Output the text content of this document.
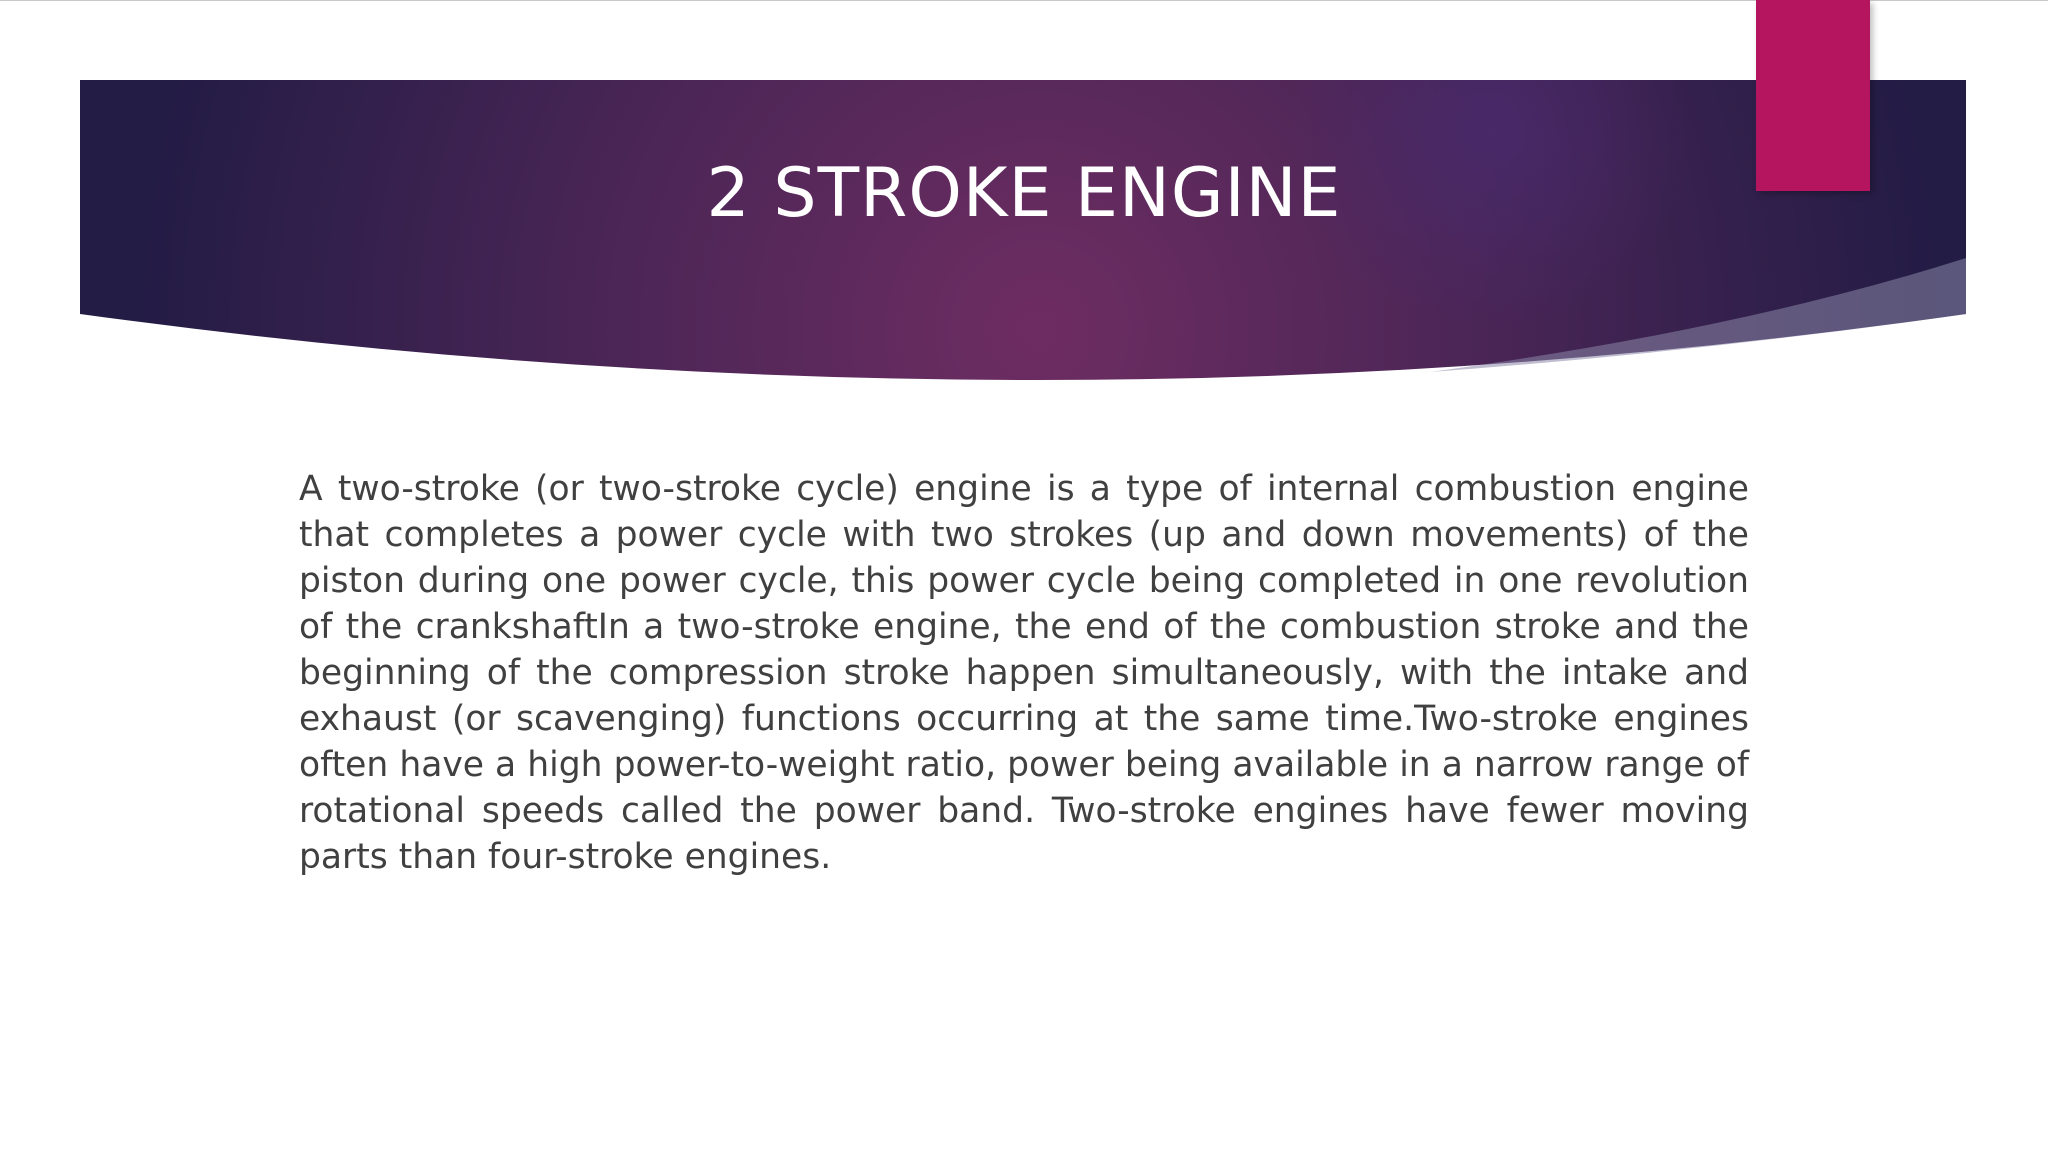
2 STROKE ENGINE

A two-stroke (or two-stroke cycle) engine is a type of internal combustion engine that completes a power cycle with two strokes (up and down movements) of the piston during one power cycle, this power cycle being completed in one revolution of the crankshaftIn a two-stroke engine, the end of the combustion stroke and the beginning of the compression stroke happen simultaneously, with the intake and exhaust (or scavenging) functions occurring at the same time.Two-stroke engines often have a high power-to-weight ratio, power being available in a narrow range of rotational speeds called the power band. Two-stroke engines have fewer moving parts than four-stroke engines.
